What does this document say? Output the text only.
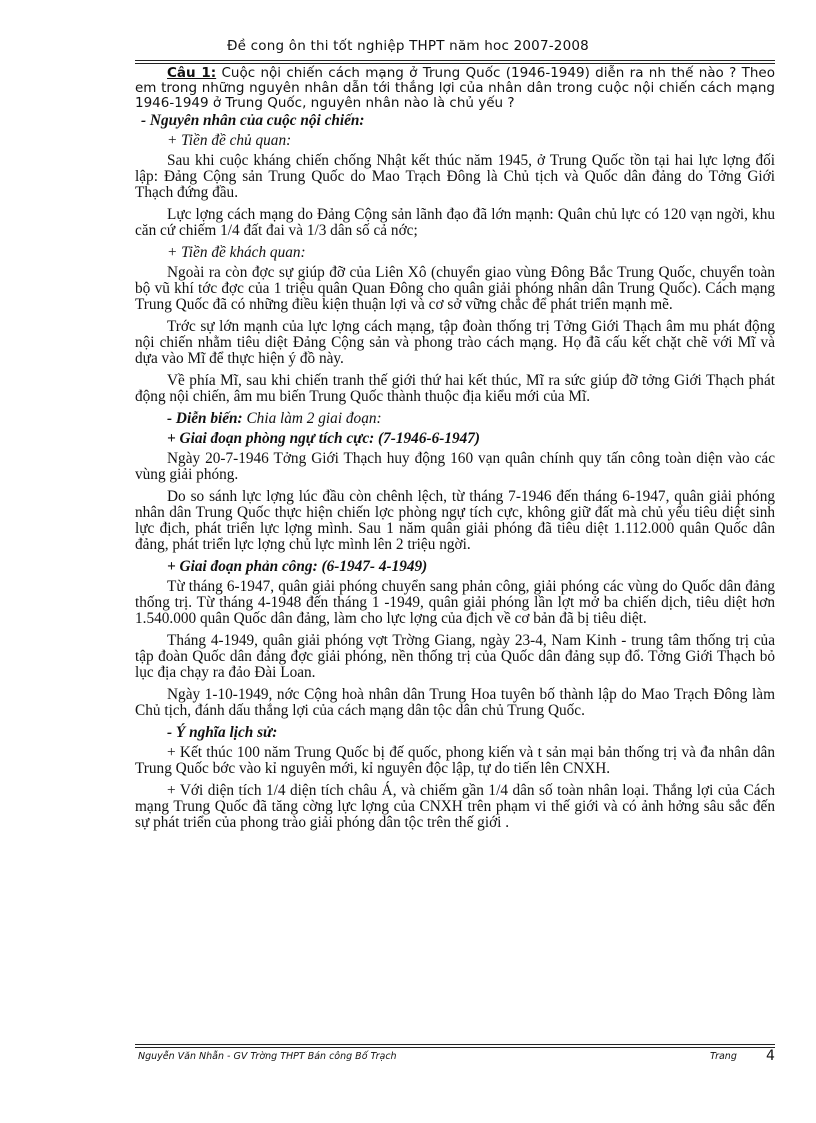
Đề cong ôn thi tốt nghiệp THPT năm hoc 2007-2008

Câu 1: Cuộc nội chiến cách mạng ở Trung Quốc (1946-1949) diễn ra nh thế nào ? Theo em trong những nguyên nhân dẫn tới thắng lợi của nhân dân trong cuộc nội chiến cách mạng 1946-1949 ở Trung Quốc, nguyên nhân nào là chủ yếu ?

- Nguyên nhân của cuộc nội chiến:

+ Tiền đề chủ quan:

Sau khi cuộc kháng chiến chống Nhật kết thúc năm 1945, ở Trung Quốc tồn tại hai lực lợng đối lập: Đảng Cộng sản Trung Quốc do Mao Trạch Đông là Chủ tịch và Quốc dân đảng do Tởng Giới Thạch đứng đầu.

Lực lợng cách mạng do Đảng Cộng sản lãnh đạo đã lớn mạnh: Quân chủ lực có 120 vạn ngời, khu căn cứ chiếm 1/4 đất đai và 1/3 dân số cả nớc;

+ Tiền đề khách quan:

Ngoài ra còn đợc sự giúp đỡ của Liên Xô (chuyển giao vùng Đông Bắc Trung Quốc, chuyển toàn bộ vũ khí tớc đợc của 1 triệu quân Quan Đông cho quân giải phóng nhân dân Trung Quốc). Cách mạng Trung Quốc đã có những điều kiện thuận lợi và cơ sở vững chắc để phát triển mạnh mẽ.

Trớc sự lớn mạnh của lực lợng cách mạng, tập đoàn thống trị Tởng Giới Thạch âm mu phát động nội chiến nhằm tiêu diệt Đảng Cộng sản và phong trào cách mạng. Họ đã cấu kết chặt chẽ với Mĩ và dựa vào Mĩ để thực hiện ý đồ này.

Về phía Mĩ, sau khi chiến tranh thế giới thứ hai kết thúc, Mĩ ra sức giúp đỡ tởng Giới Thạch phát động nội chiến, âm mu biến Trung Quốc thành thuộc địa kiểu mới của Mĩ.

- Diễn biến: Chia làm 2 giai đoạn:

+ Giai đoạn phòng ngự tích cực: (7-1946-6-1947)

Ngày 20-7-1946 Tởng Giới Thạch huy động 160 vạn quân chính quy tấn công toàn diện vào các vùng giải phóng.

Do so sánh lực lợng lúc đầu còn chênh lệch, từ tháng 7-1946 đến tháng 6-1947, quân giải phóng nhân dân Trung Quốc thực hiện chiến lợc phòng ngự tích cực, không giữ đất mà chủ yếu tiêu diệt sinh lực địch, phát triển lực lợng mình. Sau 1 năm quân giải phóng đã tiêu diệt 1.112.000 quân Quốc dân đảng, phát triển lực lợng chủ lực mình lên 2 triệu ngời.

+ Giai đoạn phản công: (6-1947- 4-1949)

Từ tháng 6-1947, quân giải phóng chuyển sang phản công, giải phóng các vùng do Quốc dân đảng thống trị. Từ tháng 4-1948 đến tháng 1 -1949, quân giải phóng lần lợt mở ba chiến dịch, tiêu diệt hơn 1.540.000 quân Quốc dân đảng, làm cho lực lợng của địch về cơ bản đã bị tiêu diệt.

Tháng 4-1949, quân giải phóng vợt Trờng Giang, ngày 23-4, Nam Kinh - trung tâm thống trị của tập đoàn Quốc dân đảng đợc giải phóng, nền thống trị của Quốc dân đảng sụp đổ. Tởng Giới Thạch bỏ lục địa chạy ra đảo Đài Loan.

Ngày 1-10-1949, nớc Cộng hoà nhân dân Trung Hoa tuyên bố thành lập do Mao Trạch Đông làm Chủ tịch, đánh dấu thắng lợi của cách mạng dân tộc dân chủ Trung Quốc.

- Ý nghĩa lịch sử:

+ Kết thúc 100 năm Trung Quốc bị đế quốc, phong kiến và t sản mại bản thống trị và đa nhân dân Trung Quốc bớc vào kỉ nguyên mới, kỉ nguyên độc lập, tự do tiến lên CNXH.

+ Với diện tích 1/4 diện tích châu Á, và chiếm gần 1/4 dân số toàn nhân loại. Thắng lợi của Cách mạng Trung Quốc đã tăng cờng lực lợng của CNXH trên phạm vi thế giới và có ảnh hởng sâu sắc đến sự phát triển của phong trào giải phóng dân tộc trên thế giới .

Nguyễn Văn Nhẫn - GV Trờng THPT Bán công Bố Trạch	Trang 4
